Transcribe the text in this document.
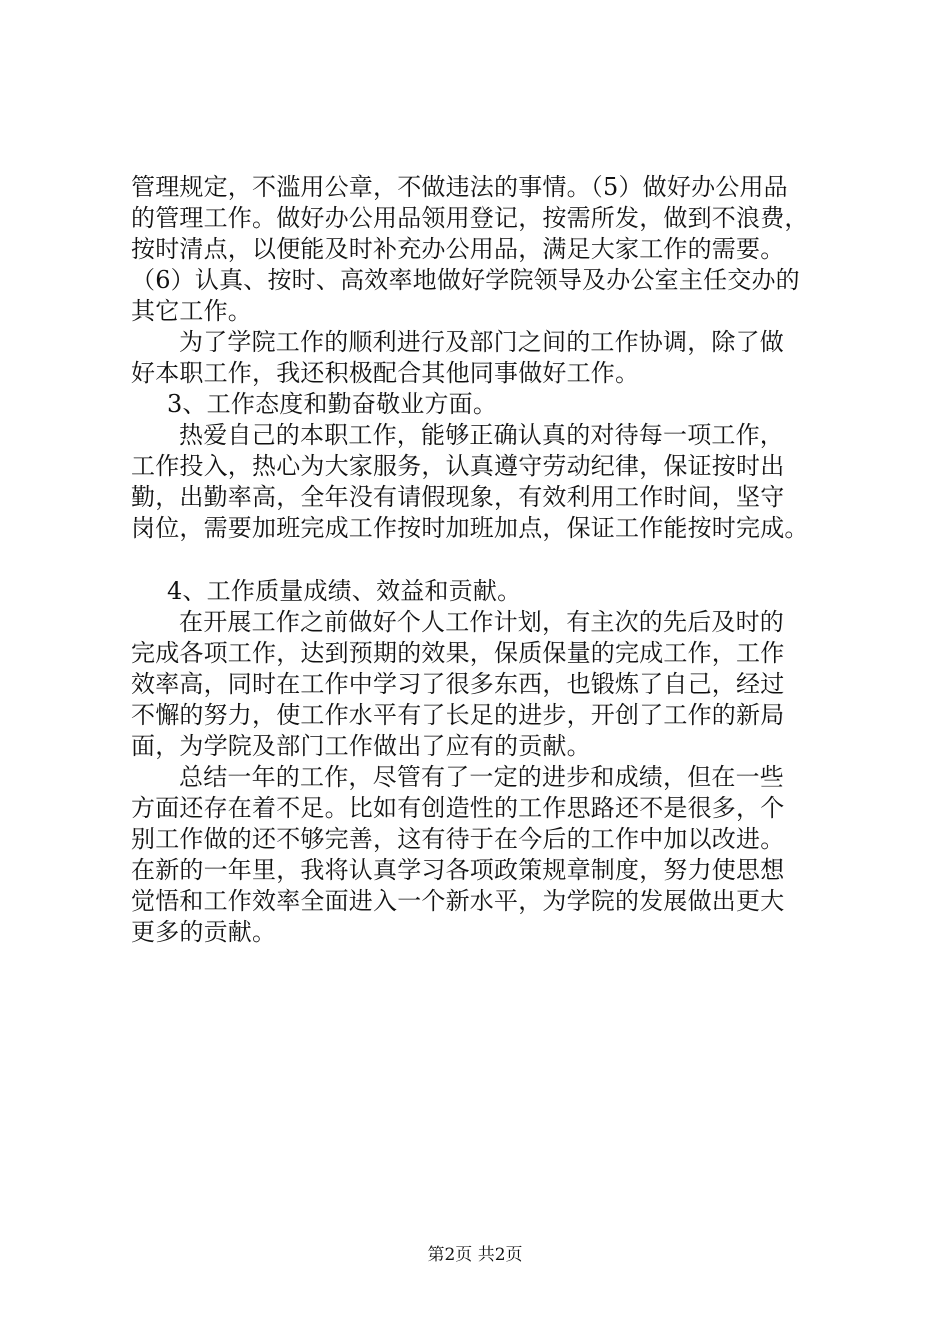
管理规定，不滥用公章，不做违法的事情。（5）做好办公用品
的管理工作。做好办公用品领用登记，按需所发，做到不浪费，
按时清点，以便能及时补充办公用品，满足大家工作的需要。
（6）认真、按时、高效率地做好学院领导及办公室主任交办的
其它工作。
为了学院工作的顺利进行及部门之间的工作协调，除了做
好本职工作，我还积极配合其他同事做好工作。
3、工作态度和勤奋敬业方面。
热爱自己的本职工作，能够正确认真的对待每一项工作，
工作投入，热心为大家服务，认真遵守劳动纪律，保证按时出
勤，出勤率高，全年没有请假现象，有效利用工作时间，坚守
岗位，需要加班完成工作按时加班加点，保证工作能按时完成。
4、工作质量成绩、效益和贡献。
在开展工作之前做好个人工作计划，有主次的先后及时的
完成各项工作，达到预期的效果，保质保量的完成工作，工作
效率高，同时在工作中学习了很多东西，也锻炼了自己，经过
不懈的努力，使工作水平有了长足的进步，开创了工作的新局
面，为学院及部门工作做出了应有的贡献。
总结一年的工作，尽管有了一定的进步和成绩，但在一些
方面还存在着不足。比如有创造性的工作思路还不是很多，个
别工作做的还不够完善，这有待于在今后的工作中加以改进。
在新的一年里，我将认真学习各项政策规章制度，努力使思想
觉悟和工作效率全面进入一个新水平，为学院的发展做出更大
更多的贡献。
第2页 共2页
